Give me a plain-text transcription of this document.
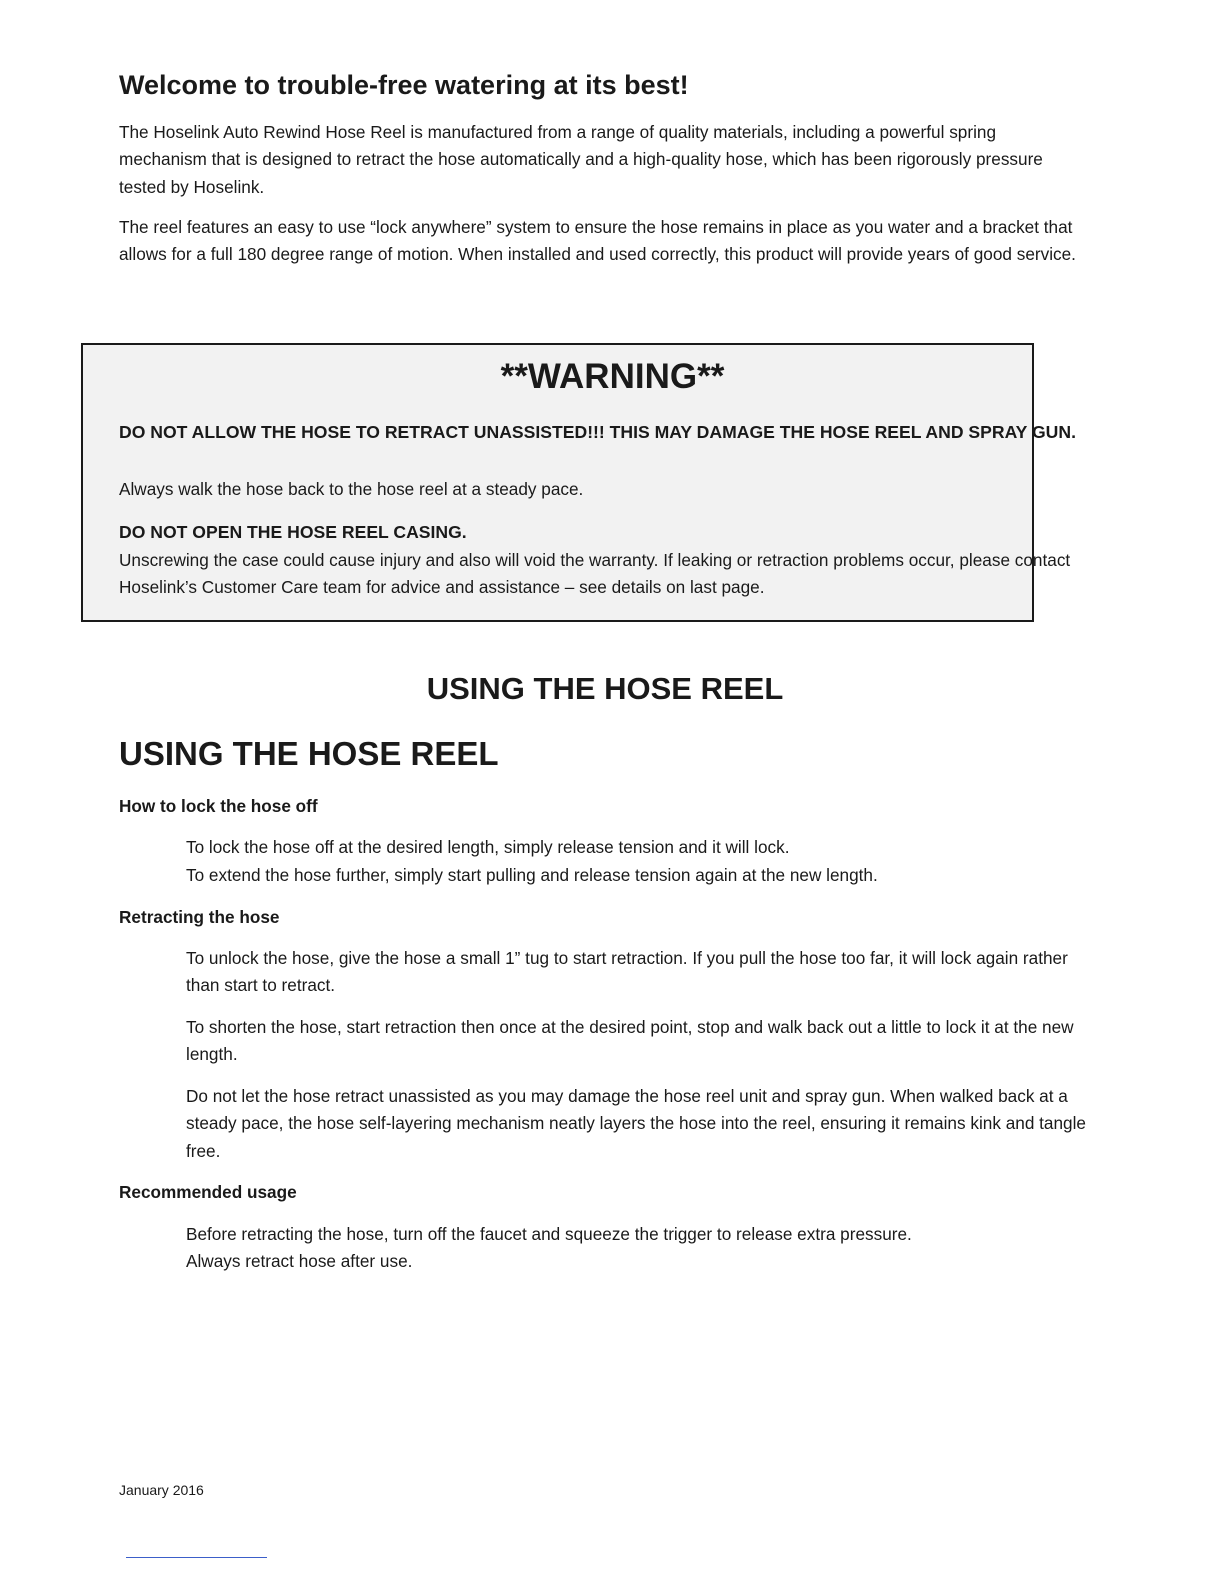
Welcome to trouble-free watering at its best!

The Hoselink Auto Rewind Hose Reel is manufactured from a range of quality materials, including a powerful spring mechanism that is designed to retract the hose automatically and a high-quality hose, which has been rigorously pressure tested by Hoselink.

The reel features an easy to use “lock anywhere” system to ensure the hose remains in place as you water and a bracket that allows for a full 180 degree range of motion. When installed and used correctly, this product will provide years of good service.

**WARNING**

DO NOT ALLOW THE HOSE TO RETRACT UNASSISTED!!! THIS MAY DAMAGE THE HOSE REEL AND SPRAY GUN.

Always walk the hose back to the hose reel at a steady pace.

DO NOT OPEN THE HOSE REEL CASING.

Unscrewing the case could cause injury and also will void the warranty. If leaking or retraction problems occur, please contact Hoselink’s Customer Care team for advice and assistance – see details on last page.

USING THE HOSE REEL
USING THE HOSE REEL
How to lock the hose off

To lock the hose off at the desired length, simply release tension and it will lock.

To extend the hose further, simply start pulling and release tension again at the new length.

Retracting the hose

To unlock the hose, give the hose a small 1” tug to start retraction. If you pull the hose too far, it will lock again rather than start to retract.

To shorten the hose, start retraction then once at the desired point, stop and walk back out a little to lock it at the new length.

Do not let the hose retract unassisted as you may damage the hose reel unit and spray gun. When walked back at a steady pace, the hose self-layering mechanism neatly layers the hose into the reel, ensuring it remains kink and tangle free.

Recommended usage

Before retracting the hose, turn off the faucet and squeeze the trigger to release extra pressure.

Always retract hose after use.

January 2016
